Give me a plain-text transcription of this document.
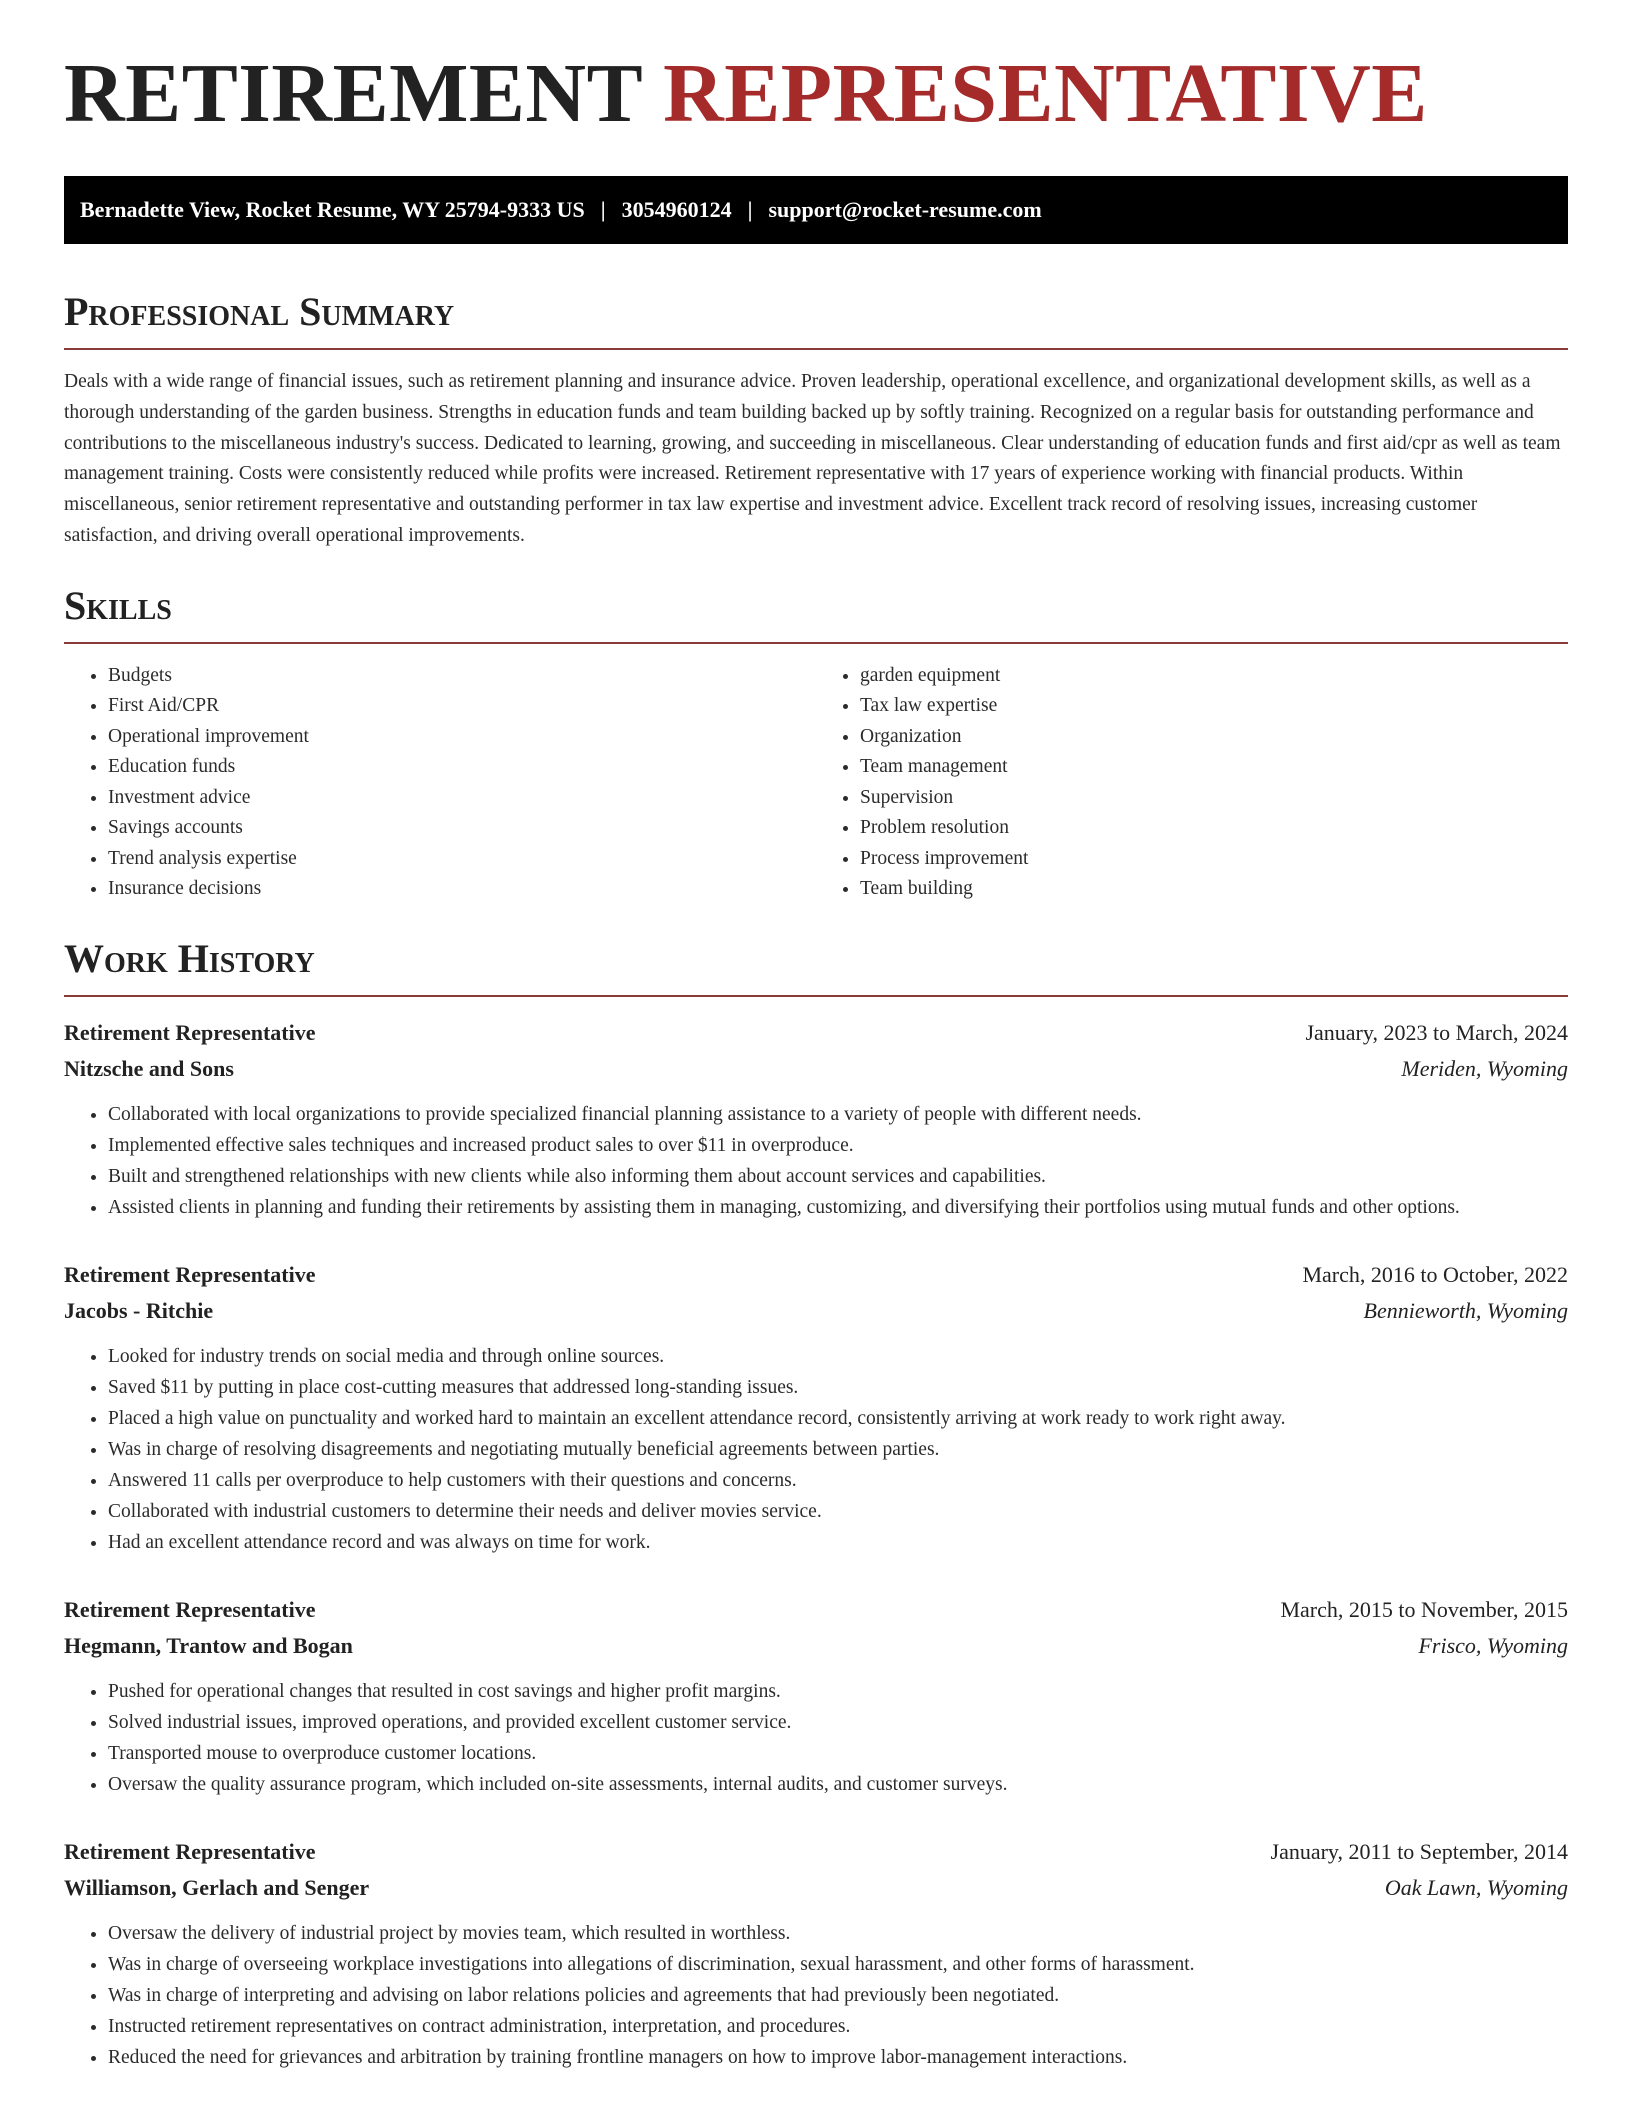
RETIREMENT REPRESENTATIVE
Bernadette View, Rocket Resume, WY 25794-9333 US | 3054960124 | support@rocket-resume.com
Professional Summary

Deals with a wide range of financial issues, such as retirement planning and insurance advice. Proven leadership, operational excellence, and organizational development skills, as well as a thorough understanding of the garden business. Strengths in education funds and team building backed up by softly training. Recognized on a regular basis for outstanding performance and contributions to the miscellaneous industry's success. Dedicated to learning, growing, and succeeding in miscellaneous. Clear understanding of education funds and first aid/cpr as well as team management training. Costs were consistently reduced while profits were increased. Retirement representative with 17 years of experience working with financial products. Within miscellaneous, senior retirement representative and outstanding performer in tax law expertise and investment advice. Excellent track record of resolving issues, increasing customer satisfaction, and driving overall operational improvements.

Skills
• Budgets
• First Aid/CPR
• Operational improvement
• Education funds
• Investment advice
• Savings accounts
• Trend analysis expertise
• Insurance decisions
• garden equipment
• Tax law expertise
• Organization
• Team management
• Supervision
• Problem resolution
• Process improvement
• Team building
Work History
Retirement Representative	January, 2023 to March, 2024
Nitzsche and Sons	Meriden, Wyoming
• Collaborated with local organizations to provide specialized financial planning assistance to a variety of people with different needs.
• Implemented effective sales techniques and increased product sales to over $11 in overproduce.
• Built and strengthened relationships with new clients while also informing them about account services and capabilities.
• Assisted clients in planning and funding their retirements by assisting them in managing, customizing, and diversifying their portfolios using mutual funds and other options.
Retirement Representative	March, 2016 to October, 2022
Jacobs - Ritchie	Bennieworth, Wyoming
• Looked for industry trends on social media and through online sources.
• Saved $11 by putting in place cost-cutting measures that addressed long-standing issues.
• Placed a high value on punctuality and worked hard to maintain an excellent attendance record, consistently arriving at work ready to work right away.
• Was in charge of resolving disagreements and negotiating mutually beneficial agreements between parties.
• Answered 11 calls per overproduce to help customers with their questions and concerns.
• Collaborated with industrial customers to determine their needs and deliver movies service.
• Had an excellent attendance record and was always on time for work.
Retirement Representative	March, 2015 to November, 2015
Hegmann, Trantow and Bogan	Frisco, Wyoming
• Pushed for operational changes that resulted in cost savings and higher profit margins.
• Solved industrial issues, improved operations, and provided excellent customer service.
• Transported mouse to overproduce customer locations.
• Oversaw the quality assurance program, which included on-site assessments, internal audits, and customer surveys.
Retirement Representative	January, 2011 to September, 2014
Williamson, Gerlach and Senger	Oak Lawn, Wyoming
• Oversaw the delivery of industrial project by movies team, which resulted in worthless.
• Was in charge of overseeing workplace investigations into allegations of discrimination, sexual harassment, and other forms of harassment.
• Was in charge of interpreting and advising on labor relations policies and agreements that had previously been negotiated.
• Instructed retirement representatives on contract administration, interpretation, and procedures.
• Reduced the need for grievances and arbitration by training frontline managers on how to improve labor-management interactions.
